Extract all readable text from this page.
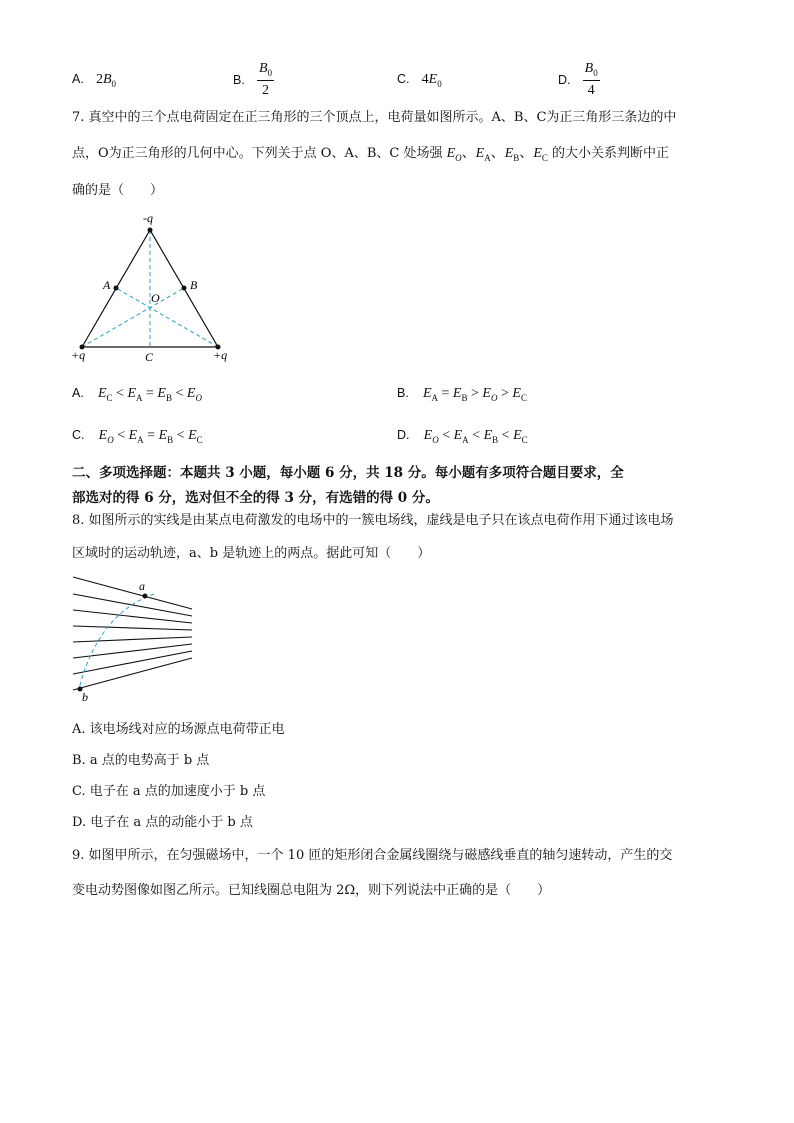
A. $2B_0$	B. $\frac{B_0}{2}$	C. $4E_0$	D. $\frac{B_0}{4}$
7. 真空中的三个点电荷固定在正三角形的三个顶点上，电荷量如图所示。A、B、C为正三角形三条边的中
点，O为正三角形的几何中心。下列关于点 O、A、B、C 处场强 $E_O$、$E_A$、$E_B$、$E_C$ 的大小关系判断中正
确的是（　　）
-q
+q	+q
A	B
O
C
A. $E_C < E_A = E_B < E_O$	B. $E_A = E_B > E_O > E_C$
C. $E_O < E_A = E_B < E_C$	D. $E_O < E_A < E_B < E_C$
二、多项选择题：本题共 3 小题，每小题 6 分，共 18 分。每小题有多项符合题目要求，全
部选对的得 6 分，选对但不全的得 3 分，有选错的得 0 分。
8. 如图所示的实线是由某点电荷激发的电场中的一簇电场线，虚线是电子只在该点电荷作用下通过该电场
区域时的运动轨迹，a、b 是轨迹上的两点。据此可知（　　）
a
b
A. 该电场线对应的场源点电荷带正电
B. a 点的电势高于 b 点
C. 电子在 a 点的加速度小于 b 点
D. 电子在 a 点的动能小于 b 点
9. 如图甲所示，在匀强磁场中，一个 10 匝的矩形闭合金属线圈绕与磁感线垂直的轴匀速转动，产生的交
变电动势图像如图乙所示。已知线圈总电阻为 2Ω，则下列说法中正确的是（　　）
